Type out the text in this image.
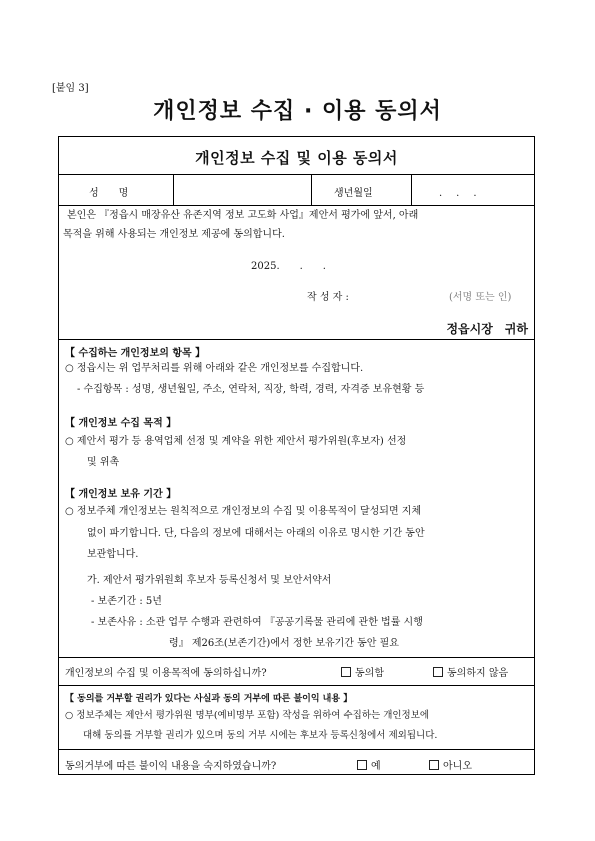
[붙임 3]
개인정보 수집 · 이용 동의서
개인정보 수집 및 이용 동의서
성　　명	생년월일	.　.　.
본인은 『정읍시 매장유산 유존지역 정보 고도화 사업』제안서 평가에 앞서, 아래
목적을 위해 사용되는 개인정보 제공에 동의합니다.
2025.　　.　　.
작 성 자 :	(서명 또는 인)
정읍시장　귀하
【 수집하는 개인정보의 항목 】
○ 정읍시는 위 업무처리를 위해 아래와 같은 개인정보를 수집합니다.
- 수집항목 : 성명, 생년월일, 주소, 연락처, 직장, 학력, 경력, 자격증 보유현황 등
【 개인정보 수집 목적 】
○ 제안서 평가 등 용역업체 선정 및 계약을 위한 제안서 평가위원(후보자) 선정
및 위촉
【 개인정보 보유 기간 】
○ 정보주체 개인정보는 원칙적으로 개인정보의 수집 및 이용목적이 달성되면 지체
없이 파기합니다. 단, 다음의 정보에 대해서는 아래의 이유로 명시한 기간 동안
보관합니다.
가. 제안서 평가위원회 후보자 등록신청서 및 보안서약서
- 보존기간 : 5년
- 보존사유 : 소관 업무 수행과 관련하여 『공공기록물 관리에 관한 법률 시행
령』 제26조(보존기간)에서 정한 보유기간 동안 필요
개인정보의 수집 및 이용목적에 동의하십니까?	동의함	동의하지 않음
【 동의를 거부할 권리가 있다는 사실과 동의 거부에 따른 불이익 내용 】
○ 정보주체는 제안서 평가위원 명부(예비명부 포함) 작성을 위하여 수집하는 개인정보에
대해 동의를 거부할 권리가 있으며 동의 거부 시에는 후보자 등록신청에서 제외됩니다.
동의거부에 따른 불이익 내용을 숙지하였습니까?	예	아니오
